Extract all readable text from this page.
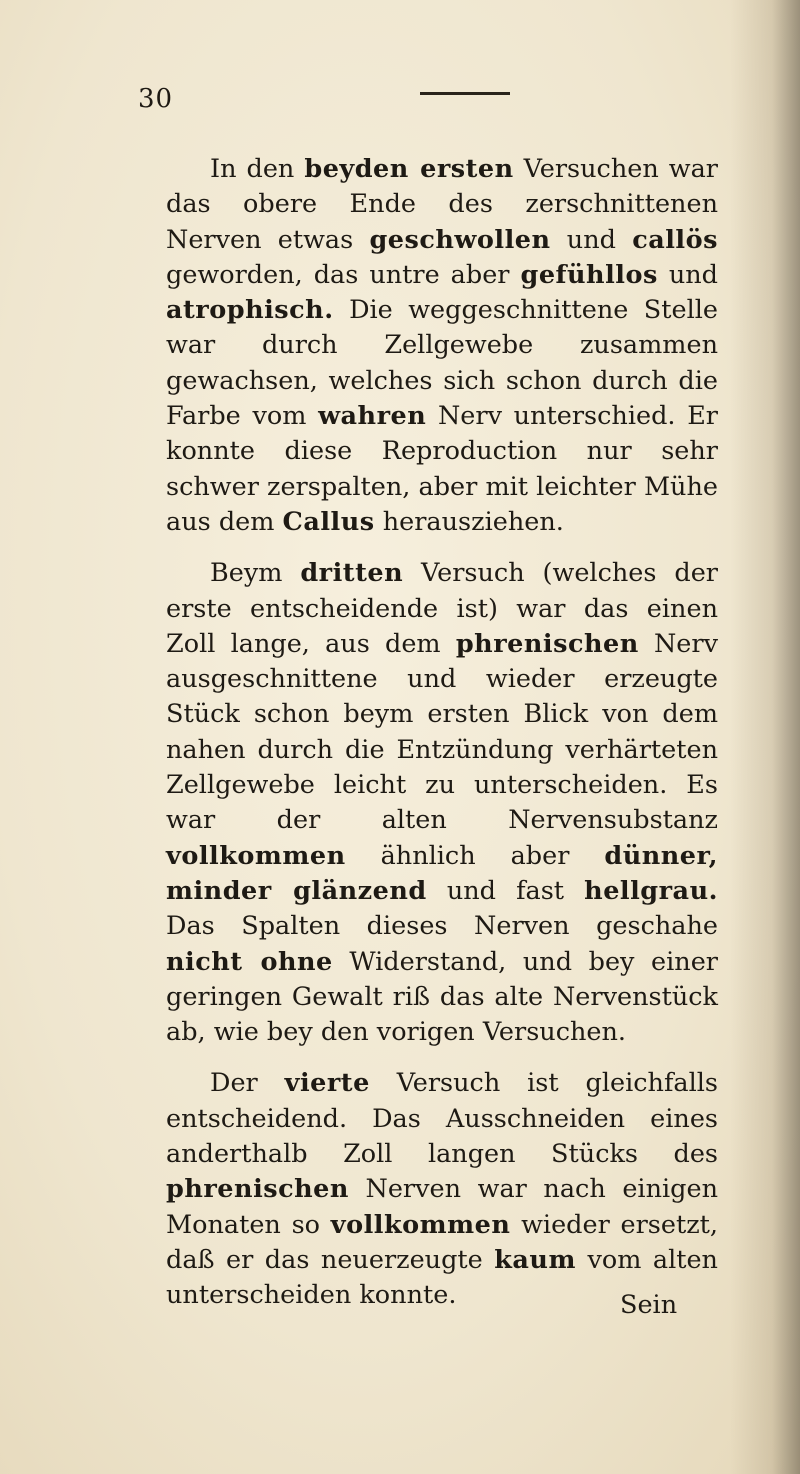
30

In den beyden ersten Versuchen war das obere Ende des zerschnittenen Nerven etwas geschwollen und callös geworden, das untre aber gefühllos und atrophisch. Die weggeschnittene Stelle war durch Zellgewebe zusammen gewachsen, welches sich schon durch die Farbe vom wahren Nerv unterschied. Er konnte diese Reproduction nur sehr schwer zerspalten, aber mit leichter Mühe aus dem Callus herausziehen.

Beym dritten Versuch (welches der erste entscheidende ist) war das einen Zoll lange, aus dem phrenischen Nerv ausgeschnittene und wieder erzeugte Stück schon beym ersten Blick von dem nahen durch die Entzündung verhärteten Zellgewebe leicht zu unterscheiden. Es war der alten Nervensubstanz vollkommen ähnlich aber dünner, minder glänzend und fast hellgrau. Das Spalten dieses Nerven geschahe nicht ohne Widerstand, und bey einer geringen Gewalt riß das alte Nervenstück ab, wie bey den vorigen Versuchen.

Der vierte Versuch ist gleichfalls entscheidend. Das Ausschneiden eines anderthalb Zoll langen Stücks des phrenischen Nerven war nach einigen Monaten so vollkommen wieder ersetzt, daß er das neuerzeugte kaum vom alten unterscheiden konnte.	Sein
